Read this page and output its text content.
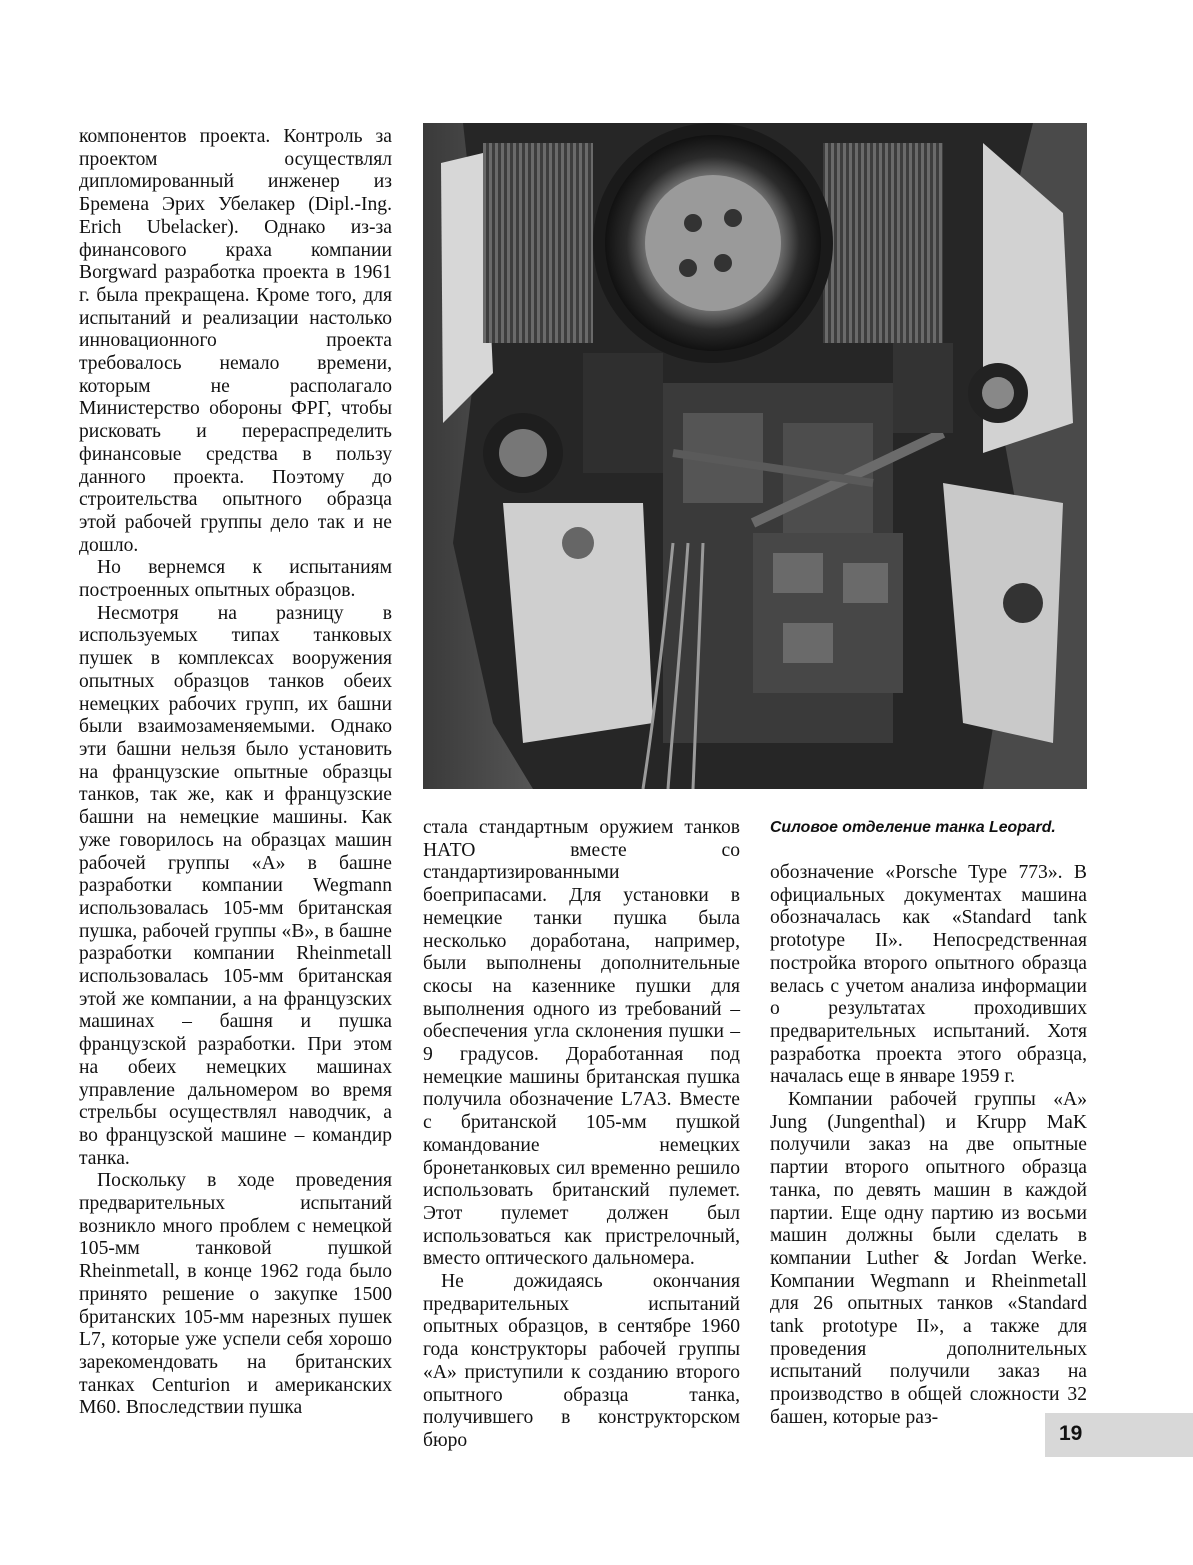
компонентов проекта. Контроль за проектом осуществлял дипломированный инженер из Бремена Эрих Убелакер (Dipl.-Ing. Erich Ubelacker). Однако из-за финансового краха компании Borgward разработка проекта в 1961 г. была прекращена. Кроме того, для испытаний и реализации настолько инновационного проекта требовалось немало времени, которым не располагало Министерство обороны ФРГ, чтобы рисковать и перераспределить финансовые средства в пользу данного проекта. Поэтому до строительства опытного образца этой рабочей группы дело так и не дошло.

Но вернемся к испытаниям построенных опытных образцов.

Несмотря на разницу в используемых типах танковых пушек в комплексах вооружения опытных образцов танков обеих немецких рабочих групп, их башни были взаимозаменяемыми. Однако эти башни нельзя было установить на французские опытные образцы танков, так же, как и французские башни на немецкие машины. Как уже говорилось на образцах машин рабочей группы «А» в башне разработки компании Wegmann использовалась 105-мм британская пушка, рабочей группы «В», в башне разработки компании Rheinmetall использовалась 105-мм британская этой же компании, а на французских машинах – башня и пушка французской разработки. При этом на обеих немецких машинах управление дальномером во время стрельбы осуществлял наводчик, а во французской машине – командир танка.

Поскольку в ходе проведения предварительных испытаний возникло много проблем с немецкой 105-мм танковой пушкой Rheinmetall, в конце 1962 года было принято решение о закупке 1500 британских 105-мм нарезных пушек L7, которые уже успели себя хорошо зарекомендовать на британских танках Centurion и американских M60. Впоследствии пушка

Силовое отделение танка Leopard.

стала стандартным оружием танков НАТО вместе со стандартизированными боеприпасами. Для установки в немецкие танки пушка была несколько доработана, например, были выполнены дополнительные скосы на казеннике пушки для выполнения одного из требований – обеспечения угла склонения пушки – 9 градусов. Доработанная под немецкие машины британская пушка получила обозначение L7A3. Вместе с британской 105-мм пушкой командование немецких бронетанковых сил временно решило использовать британский пулемет. Этот пулемет должен был использоваться как пристрелочный, вместо оптического дальномера.

Не дожидаясь окончания предварительных испытаний опытных образцов, в сентябре 1960 года конструкторы рабочей группы «А» приступили к созданию второго опытного образца танка, получившего в конструкторском бюро

обозначение «Porsche Type 773». В официальных документах машина обозначалась как «Standard tank prototype II». Непосредственная постройка второго опытного образца велась с учетом анализа информации о результатах проходивших предварительных испытаний. Хотя разработка проекта этого образца, началась еще в январе 1959 г.

Компании рабочей группы «А» Jung (Jungenthal) и Krupp MaK получили заказ на две опытные партии второго опытного образца танка, по девять машин в каждой партии. Еще одну партию из восьми машин должны были сделать в компании Luther & Jordan Werke. Компании Wegmann и Rheinmetall для 26 опытных танков «Standard tank prototype II», а также для проведения дополнительных испытаний получили заказ на производство в общей сложности 32 башен, которые раз-

19
